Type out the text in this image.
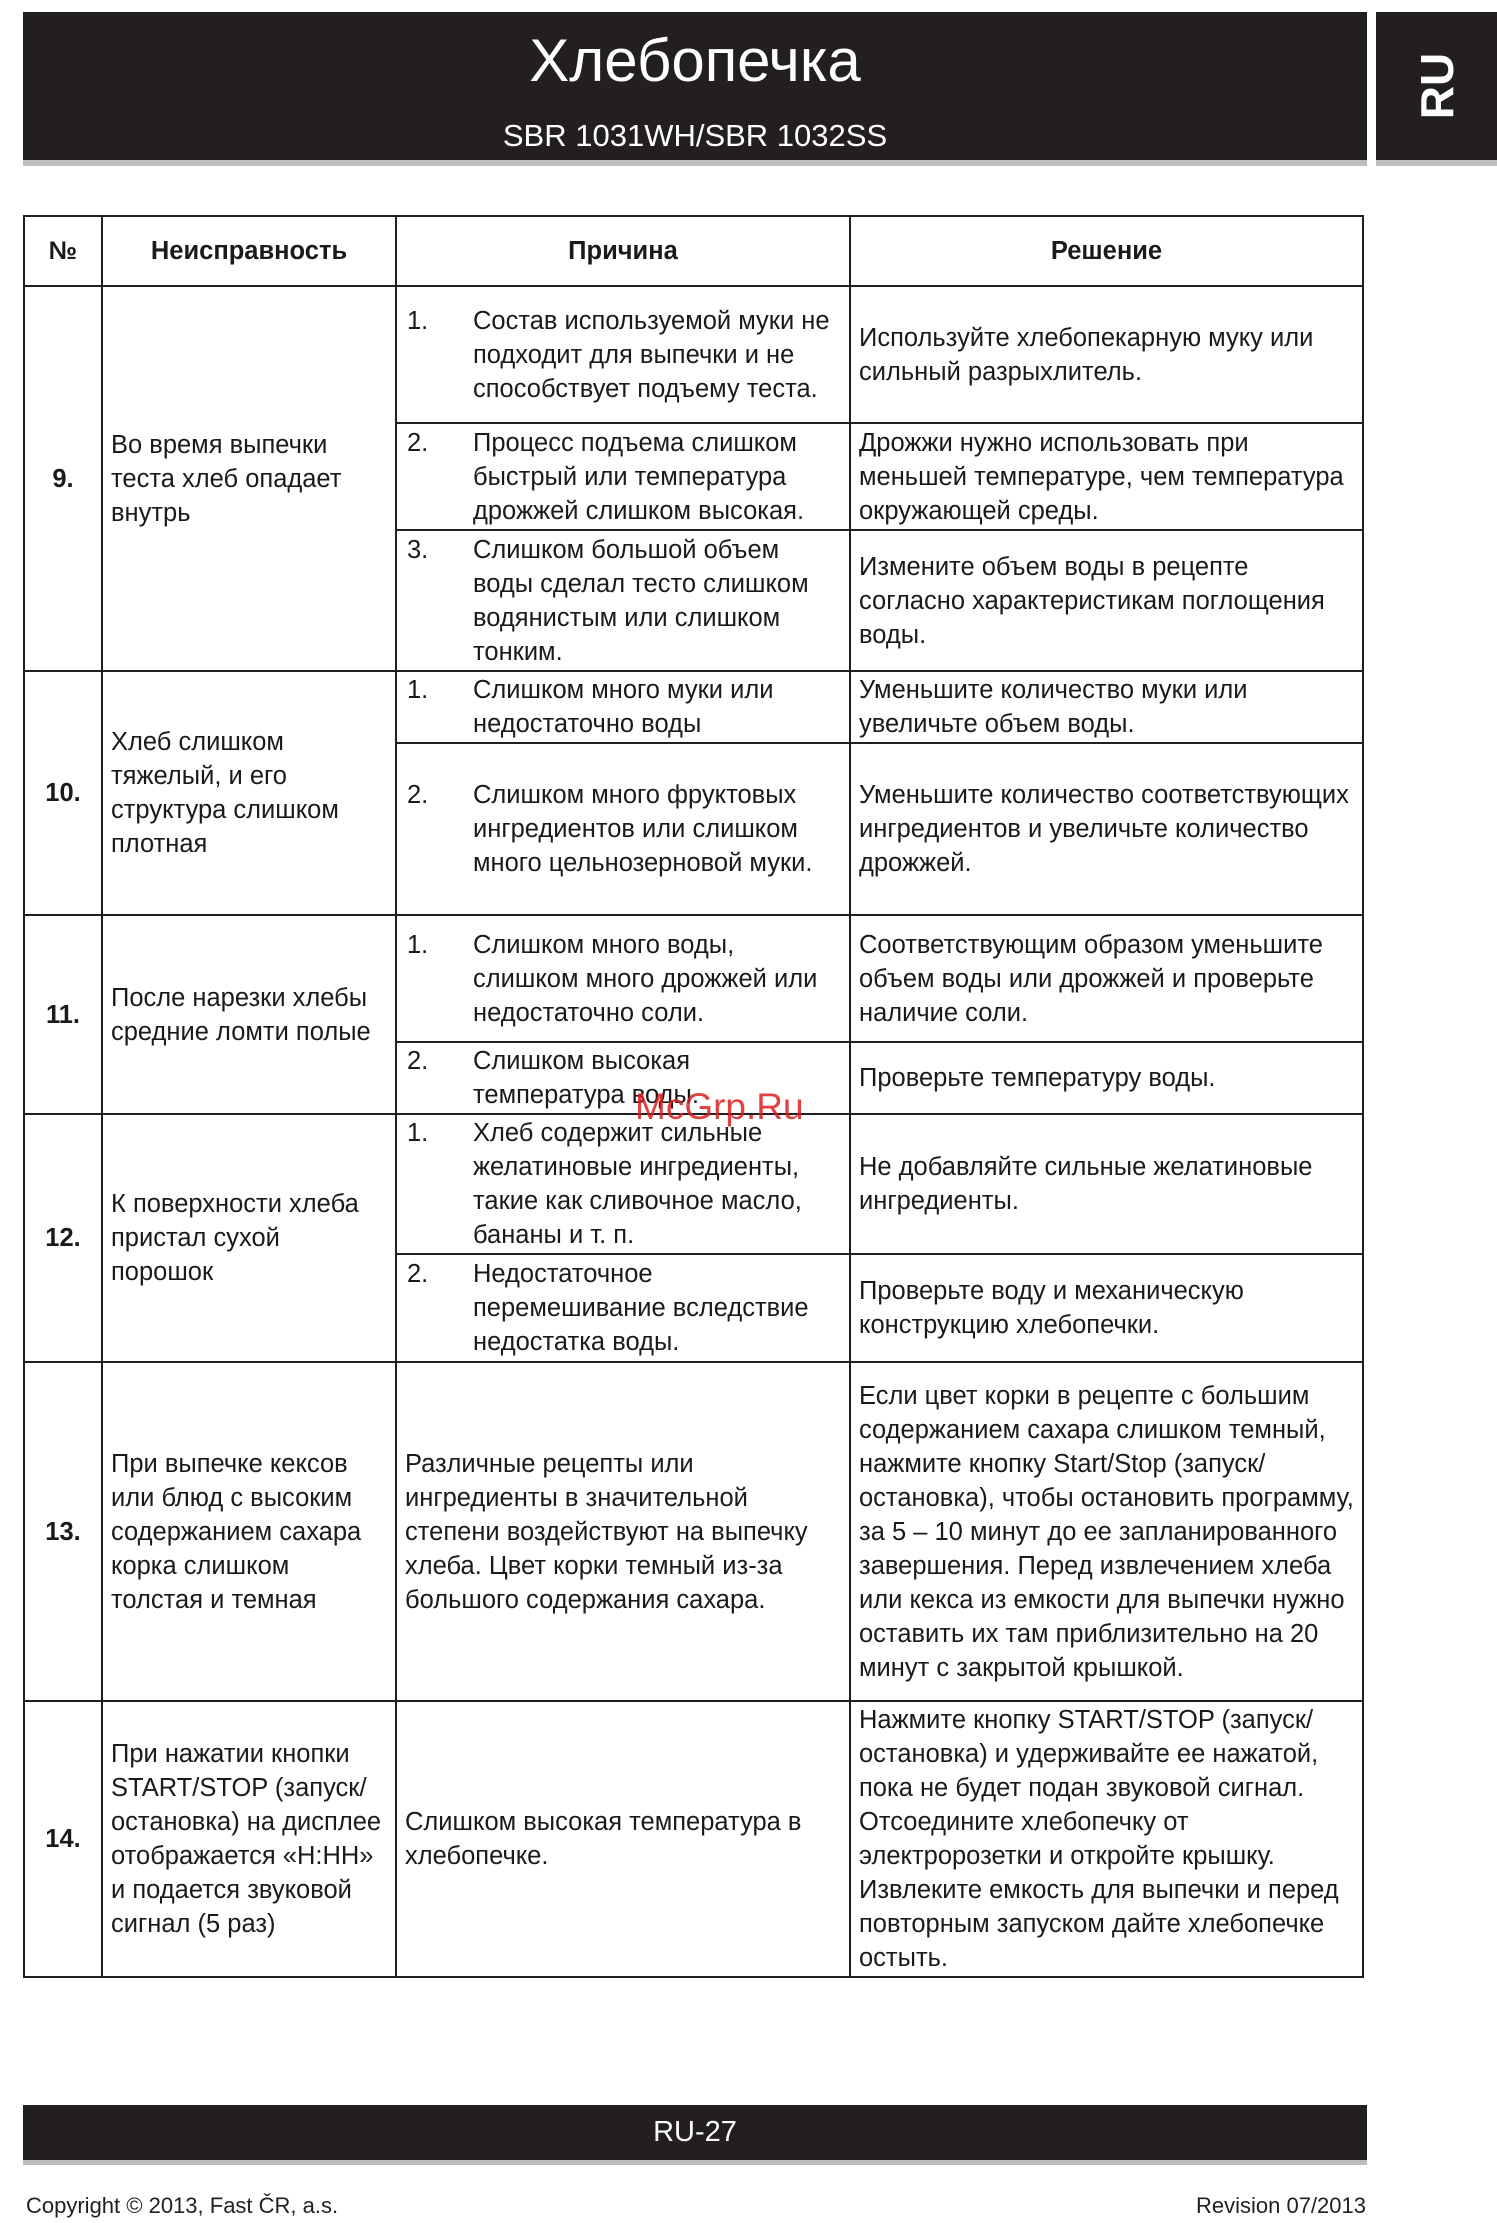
Хлебопечка
SBR 1031WH/SBR 1032SS
RU
№	Неисправность	Причина	Решение
9.	Во время выпечки теста хлеб опадает внутрь	1. Состав используемой муки не подходит для выпечки и не способствует подъему теста.	Используйте хлебопекарную муку или сильный разрыхлитель.

		2. Процесс подъема слишком быстрый или температура дрожжей слишком высокая.	Дрожжи нужно использовать при меньшей температуре, чем температура окружающей среды.

		3. Слишком большой объем воды сделал тесто слишком водянистым или слишком тонким.	Измените объем воды в рецепте согласно характеристикам поглощения воды.
10.	Хлеб слишком тяжелый, и его структура слишком плотная	1. Слишком много муки или недостаточно воды	Уменьшите количество муки или увеличьте объем воды.

		2. Слишком много фруктовых ингредиентов или слишком много цельнозерновой муки.	Уменьшите количество соответствующих ингредиентов и увеличьте количество дрожжей.
11.	После нарезки хлебы средние ломти полые	1. Слишком много воды, слишком много дрожжей или недостаточно соли.	Соответствующим образом уменьшите объем воды или дрожжей и проверьте наличие соли.

		2. Слишком высокая температура воды.	Проверьте температуру воды.
12.	К поверхности хлеба пристал сухой порошок	1. Хлеб содержит сильные желатиновые ингредиенты, такие как сливочное масло, бананы и т. п.	Не добавляйте сильные желатиновые ингредиенты.

		2. Недостаточное перемешивание вследствие недостатка воды.	Проверьте воду и механическую конструкцию хлебопечки.
13.	При выпечке кексов или блюд с высоким содержанием сахара корка слишком толстая и темная	Различные рецепты или ингредиенты в значительной степени воздействуют на выпечку хлеба. Цвет корки темный из-за большого содержания сахара.	Если цвет корки в рецепте с большим содержанием сахара слишком темный, нажмите кнопку Start/Stop (запуск/остановка), чтобы остановить программу, за 5 – 10 минут до ее запланированного завершения. Перед извлечением хлеба или кекса из емкости для выпечки нужно оставить их там приблизительно на 20 минут с закрытой крышкой.
14.	При нажатии кнопки START/STOP (запуск/остановка) на дисплее отображается «H:HH» и подается звуковой сигнал (5 раз)	Слишком высокая температура в хлебопечке.	Нажмите кнопку START/STOP (запуск/остановка) и удерживайте ее нажатой, пока не будет подан звуковой сигнал. Отсоедините хлебопечку от электророзетки и откройте крышку. Извлеките емкость для выпечки и перед повторным запуском дайте хлебопечке остыть.
McGrp.Ru
RU-27
Copyright © 2013, Fast ČR, a.s.	Revision 07/2013
